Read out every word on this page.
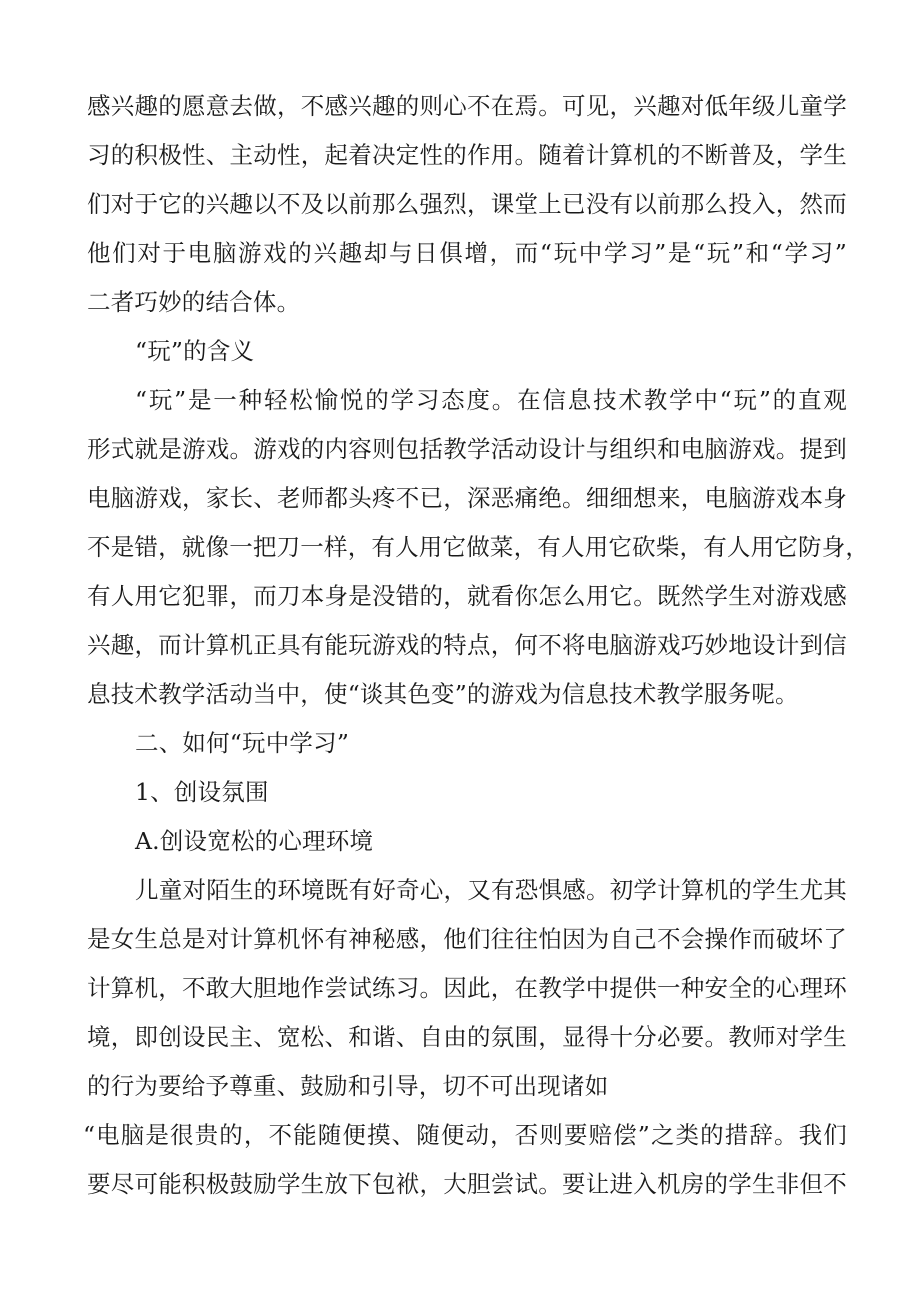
感兴趣的愿意去做，不感兴趣的则心不在焉。可见，兴趣对低年级儿童学
习的积极性、主动性，起着决定性的作用。随着计算机的不断普及，学生
们对于它的兴趣以不及以前那么强烈，课堂上已没有以前那么投入，然而
他们对于电脑游戏的兴趣却与日俱增，而“玩中学习”是“玩”和“学习”
二者巧妙的结合体。
“玩”的含义
“玩”是一种轻松愉悦的学习态度。在信息技术教学中“玩”的直观
形式就是游戏。游戏的内容则包括教学活动设计与组织和电脑游戏。提到
电脑游戏，家长、老师都头疼不已，深恶痛绝。细细想来，电脑游戏本身
不是错，就像一把刀一样，有人用它做菜，有人用它砍柴，有人用它防身，
有人用它犯罪，而刀本身是没错的，就看你怎么用它。既然学生对游戏感
兴趣，而计算机正具有能玩游戏的特点，何不将电脑游戏巧妙地设计到信
息技术教学活动当中，使“谈其色变”的游戏为信息技术教学服务呢。
二、如何“玩中学习”
1、创设氛围
A.创设宽松的心理环境
儿童对陌生的环境既有好奇心，又有恐惧感。初学计算机的学生尤其
是女生总是对计算机怀有神秘感，他们往往怕因为自己不会操作而破坏了
计算机，不敢大胆地作尝试练习。因此，在教学中提供一种安全的心理环
境，即创设民主、宽松、和谐、自由的氛围，显得十分必要。教师对学生
的行为要给予尊重、鼓励和引导，切不可出现诸如
“电脑是很贵的，不能随便摸、随便动，否则要赔偿”之类的措辞。我们
要尽可能积极鼓励学生放下包袱，大胆尝试。要让进入机房的学生非但不
